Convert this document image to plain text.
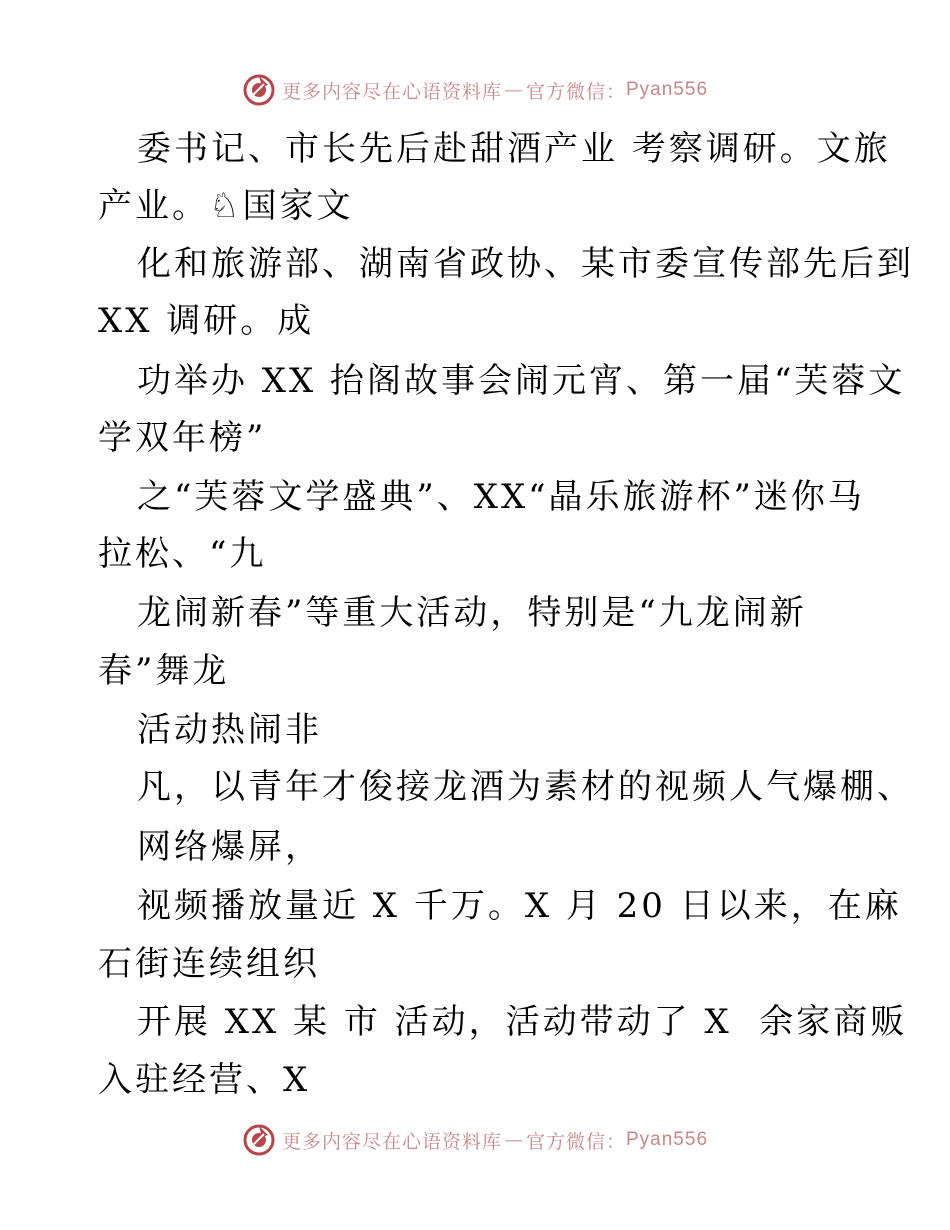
更多内容尽在心语资料库 — 官方微信： Pyan556
委书记、市长先后赴甜酒产业 考察调研。文旅
产业。♘国家文
化和旅游部、湖南省政协、某市委宣传部先后到
XX 调研。成
功举办 XX 抬阁故事会闹元宵、第一届“芙蓉文
学双年榜”
之“芙蓉文学盛典”、XX“晶乐旅游杯”迷你马
拉松、“九
龙闹新春”等重大活动，特别是“九龙闹新
春”舞龙
活动热闹非
凡，以青年才俊接龙酒为素材的视频人气爆棚、
网络爆屏，
视频播放量近 X 千万。X 月 20 日以来，在麻
石街连续组织
开展 XX 某 市 活动，活动带动了 X  余家商贩
入驻经营、X
更多内容尽在心语资料库 — 官方微信： Pyan556
